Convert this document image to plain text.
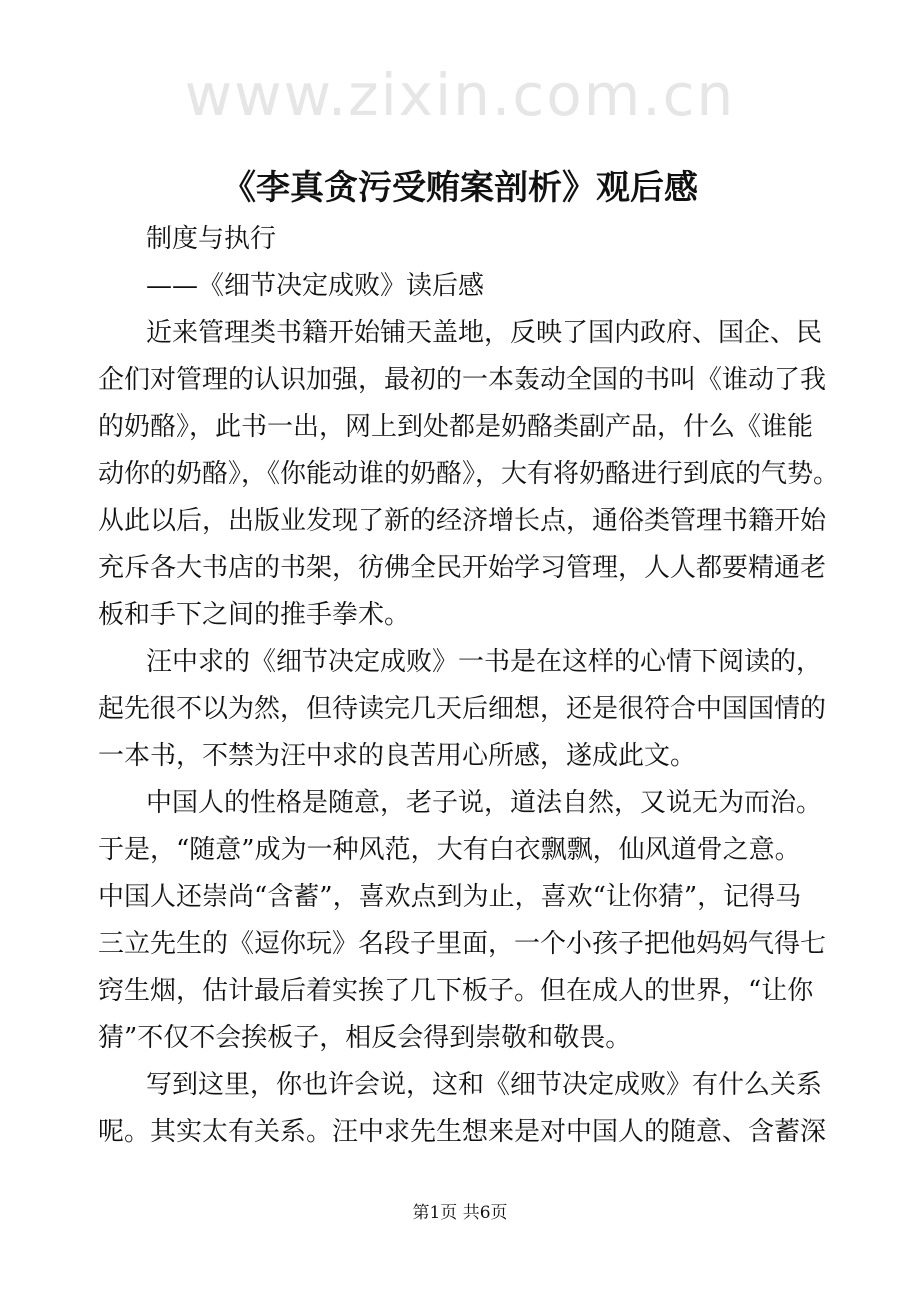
www.zixin.com.cn
《李真贪污受贿案剖析》观后感
制度与执行
——《细节决定成败》读后感
近来管理类书籍开始铺天盖地，反映了国内政府、国企、民
企们对管理的认识加强，最初的一本轰动全国的书叫《谁动了我
的奶酪》，此书一出，网上到处都是奶酪类副产品，什么《谁能
动你的奶酪》，《你能动谁的奶酪》，大有将奶酪进行到底的气势。
从此以后，出版业发现了新的经济增长点，通俗类管理书籍开始
充斥各大书店的书架，彷佛全民开始学习管理，人人都要精通老
板和手下之间的推手拳术。
汪中求的《细节决定成败》一书是在这样的心情下阅读的，
起先很不以为然，但待读完几天后细想，还是很符合中国国情的
一本书，不禁为汪中求的良苦用心所感，遂成此文。
中国人的性格是随意，老子说，道法自然，又说无为而治。
于是，“随意”成为一种风范，大有白衣飘飘，仙风道骨之意。
中国人还崇尚“含蓄”，喜欢点到为止，喜欢“让你猜”，记得马
三立先生的《逗你玩》名段子里面，一个小孩子把他妈妈气得七
窍生烟，估计最后着实挨了几下板子。但在成人的世界，“让你
猜”不仅不会挨板子，相反会得到崇敬和敬畏。
写到这里，你也许会说，这和《细节决定成败》有什么关系
呢。其实太有关系。汪中求先生想来是对中国人的随意、含蓄深
第1页 共6页
